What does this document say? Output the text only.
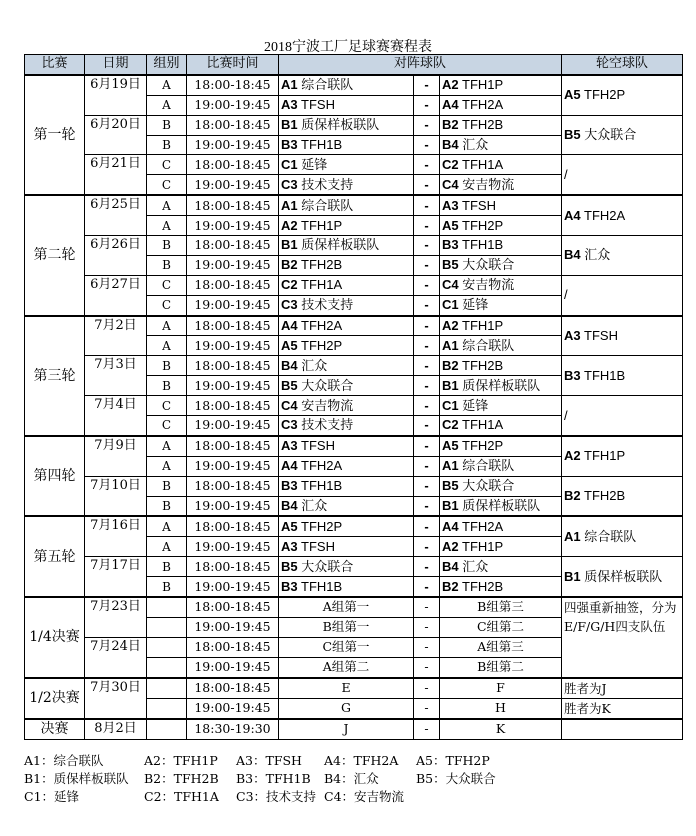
2018宁波工厂足球赛赛程表
比赛	日期	组别	比赛时间	对阵球队			轮空球队
第一轮	6月19日	A	18:00-18:45	A1 综合联队	-	A2 TFH1P	A5 TFH2P
		A	19:00-19:45	A3 TFSH	-	A4 TFH2A	
	6月20日	B	18:00-18:45	B1 质保样板联队	-	B2 TFH2B	B5 大众联合
		B	19:00-19:45	B3 TFH1B	-	B4 汇众	
	6月21日	C	18:00-18:45	C1 延锋	-	C2 TFH1A	/
		C	19:00-19:45	C3 技术支持	-	C4 安吉物流	
第二轮	6月25日	A	18:00-18:45	A1 综合联队	-	A3 TFSH	A4 TFH2A
		A	19:00-19:45	A2 TFH1P	-	A5 TFH2P	
	6月26日	B	18:00-18:45	B1 质保样板联队	-	B3 TFH1B	B4 汇众
		B	19:00-19:45	B2 TFH2B	-	B5 大众联合	
	6月27日	C	18:00-18:45	C2 TFH1A	-	C4 安吉物流	/
		C	19:00-19:45	C3 技术支持	-	C1 延锋	
第三轮	7月2日	A	18:00-18:45	A4 TFH2A	-	A2 TFH1P	A3 TFSH
		A	19:00-19:45	A5 TFH2P	-	A1 综合联队	
	7月3日	B	18:00-18:45	B4 汇众	-	B2 TFH2B	B3 TFH1B
		B	19:00-19:45	B5 大众联合	-	B1 质保样板联队	
	7月4日	C	18:00-18:45	C4 安吉物流	-	C1 延锋	/
		C	19:00-19:45	C3 技术支持	-	C2 TFH1A	
第四轮	7月9日	A	18:00-18:45	A3 TFSH	-	A5 TFH2P	A2 TFH1P
		A	19:00-19:45	A4 TFH2A	-	A1 综合联队	
	7月10日	B	18:00-18:45	B3 TFH1B	-	B5 大众联合	B2 TFH2B
		B	19:00-19:45	B4 汇众	-	B1 质保样板联队	
第五轮	7月16日	A	18:00-18:45	A5 TFH2P	-	A4 TFH2A	A1 综合联队
		A	19:00-19:45	A3 TFSH	-	A2 TFH1P	
	7月17日	B	18:00-18:45	B5 大众联合	-	B4 汇众	B1 质保样板联队
		B	19:00-19:45	B3 TFH1B	-	B2 TFH2B	
1/4决赛	7月23日		18:00-18:45	A组第一	-	B组第三	四强重新抽签，分为E/F/G/H四支队伍
			19:00-19:45	B组第一	-	C组第二	
	7月24日		18:00-18:45	C组第一	-	A组第三	
			19:00-19:45	A组第二	-	B组第二	
1/2决赛	7月30日		18:00-18:45	E	-	F	胜者为J
			19:00-19:45	G	-	H	胜者为K
决赛	8月2日		18:30-19:30	J	-	K	
A1：综合联队	A2：TFH1P A3：TFSH A4：TFH2A A5：TFH2P
B1：质保样板联队 B2：TFH2B B3：TFH1B B4：汇众	B5：大众联合
C1：延锋	C2：TFH1A C3：技术支持 C4：安吉物流
